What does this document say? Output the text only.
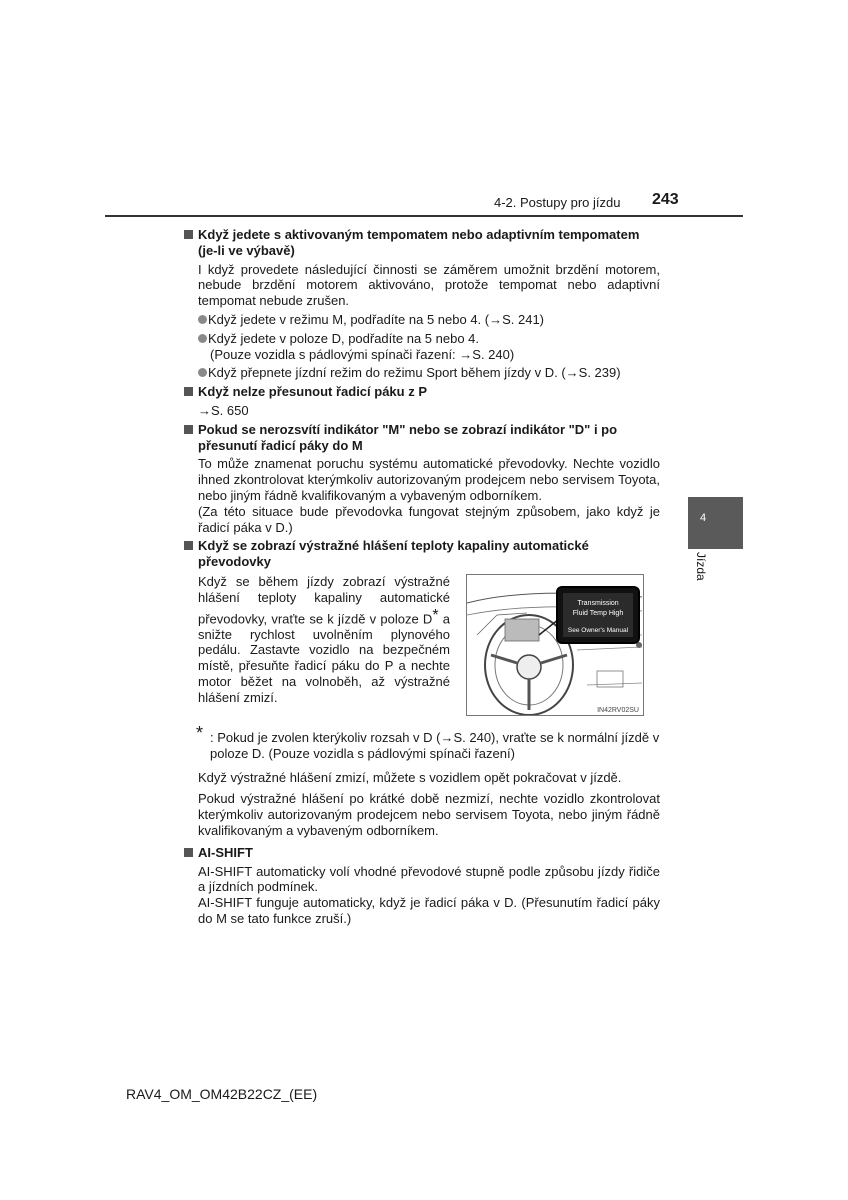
4-2. Postupy pro jízdu 243
4
Jízda
Když jedete s aktivovaným tempomatem nebo adaptivním tempomatem (je-li ve výbavě)
I když provedete následující činnosti se záměrem umožnit brzdění motorem, nebude brzdění motorem aktivováno, protože tempomat nebo adaptivní tempomat nebude zrušen.
Když jedete v režimu M, podřadíte na 5 nebo 4. (→S. 241)
Když jedete v poloze D, podřadíte na 5 nebo 4.
(Pouze vozidla s pádlovými spínači řazení: →S. 240)
Když přepnete jízdní režim do režimu Sport během jízdy v D. (→S. 239)
Když nelze přesunout řadicí páku z P
→S. 650
Pokud se nerozsvítí indikátor "M" nebo se zobrazí indikátor "D" i po přesunutí řadicí páky do M
To může znamenat poruchu systému automatické převodovky. Nechte vozidlo ihned zkontrolovat kterýmkoliv autorizovaným prodejcem nebo servisem Toyota, nebo jiným řádně kvalifikovaným a vybaveným odborníkem.
(Za této situace bude převodovka fungovat stejným způsobem, jako když je řadicí páka v D.)
Když se zobrazí výstražné hlášení teploty kapaliny automatické převodovky
Když se během jízdy zobrazí výstražné hlášení teploty kapaliny automatické převodovky, vraťte se k jízdě v poloze D* a snižte rychlost uvolněním plynového pedálu. Zastavte vozidlo na bezpečném místě, přesuňte řadicí páku do P a nechte motor běžet na volnoběh, až výstražné hlášení zmizí.
Transmission
Fluid Temp High
See Owner's Manual
IN42RV02SU
* : Pokud je zvolen kterýkoliv rozsah v D (→S. 240), vraťte se k normální jízdě v poloze D. (Pouze vozidla s pádlovými spínači řazení)
Když výstražné hlášení zmizí, můžete s vozidlem opět pokračovat v jízdě.
Pokud výstražné hlášení po krátké době nezmizí, nechte vozidlo zkontrolovat kterýmkoliv autorizovaným prodejcem nebo servisem Toyota, nebo jiným řádně kvalifikovaným a vybaveným odborníkem.
AI-SHIFT
AI-SHIFT automaticky volí vhodné převodové stupně podle způsobu jízdy řidiče a jízdních podmínek.
AI-SHIFT funguje automaticky, když je řadicí páka v D. (Přesunutím řadicí páky do M se tato funkce zruší.)
RAV4_OM_OM42B22CZ_(EE)
